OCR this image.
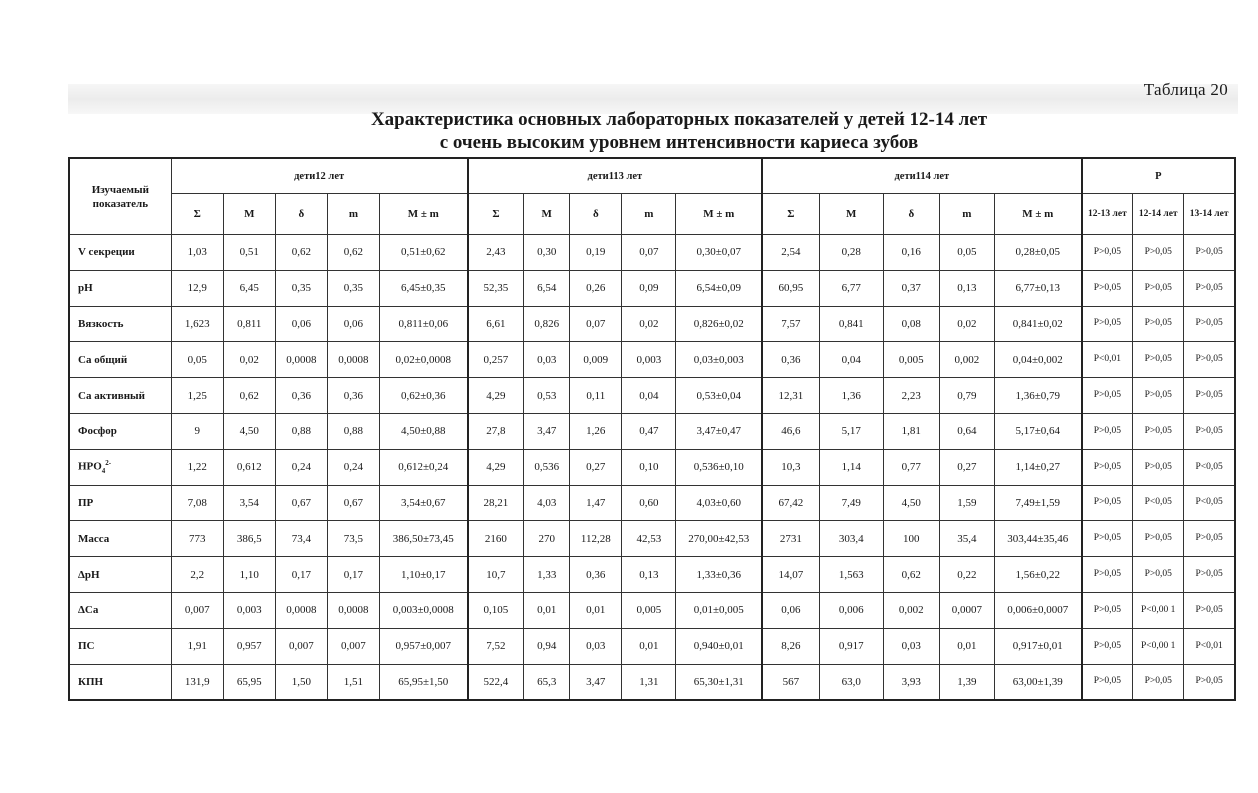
Таблица 20
Характеристика основных лабораторных показателей у детей 12-14 лет
с очень высоким уровнем интенсивности кариеса зубов
Изучаемый показатель	дети12 лет					дети113 лет					дети114 лет					Р		
	Σ	М	δ	m	М ± m	Σ	М	δ	m	М ± m	Σ	М	δ	m	М ± m	12-13 лет	12-14 лет	13-14 лет
V секреции	1,03	0,51	0,62	0,62	0,51±0,62	2,43	0,30	0,19	0,07	0,30±0,07	2,54	0,28	0,16	0,05	0,28±0,05	Р>0,05	Р>0,05	Р>0,05
pH	12,9	6,45	0,35	0,35	6,45±0,35	52,35	6,54	0,26	0,09	6,54±0,09	60,95	6,77	0,37	0,13	6,77±0,13	Р>0,05	Р>0,05	Р>0,05
Вязкость	1,623	0,811	0,06	0,06	0,811±0,06	6,61	0,826	0,07	0,02	0,826±0,02	7,57	0,841	0,08	0,02	0,841±0,02	Р>0,05	Р>0,05	Р>0,05
Са общий	0,05	0,02	0,0008	0,0008	0,02±0,0008	0,257	0,03	0,009	0,003	0,03±0,003	0,36	0,04	0,005	0,002	0,04±0,002	Р<0,01	Р>0,05	Р>0,05
Са активный	1,25	0,62	0,36	0,36	0,62±0,36	4,29	0,53	0,11	0,04	0,53±0,04	12,31	1,36	2,23	0,79	1,36±0,79	Р>0,05	Р>0,05	Р>0,05
Фосфор	9	4,50	0,88	0,88	4,50±0,88	27,8	3,47	1,26	0,47	3,47±0,47	46,6	5,17	1,81	0,64	5,17±0,64	Р>0,05	Р>0,05	Р>0,05
$НРО_4^{2-}$	1,22	0,612	0,24	0,24	0,612±0,24	4,29	0,536	0,27	0,10	0,536±0,10	10,3	1,14	0,77	0,27	1,14±0,27	Р>0,05	Р>0,05	Р<0,05
ПР	7,08	3,54	0,67	0,67	3,54±0,67	28,21	4,03	1,47	0,60	4,03±0,60	67,42	7,49	4,50	1,59	7,49±1,59	Р>0,05	Р<0,05	Р<0,05
Масса	773	386,5	73,4	73,5	386,50±73,45	2160	270	112,28	42,53	270,00±42,53	2731	303,4	100	35,4	303,44±35,46	Р>0,05	Р>0,05	Р>0,05
ΔрН	2,2	1,10	0,17	0,17	1,10±0,17	10,7	1,33	0,36	0,13	1,33±0,36	14,07	1,563	0,62	0,22	1,56±0,22	Р>0,05	Р>0,05	Р>0,05
ΔСа	0,007	0,003	0,0008	0,0008	0,003±0,0008	0,105	0,01	0,01	0,005	0,01±0,005	0,06	0,006	0,002	0,0007	0,006±0,0007	Р>0,05	Р<0,00 1	Р>0,05
ПС	1,91	0,957	0,007	0,007	0,957±0,007	7,52	0,94	0,03	0,01	0,940±0,01	8,26	0,917	0,03	0,01	0,917±0,01	Р>0,05	Р<0,00 1	Р<0,01
КПН	131,9	65,95	1,50	1,51	65,95±1,50	522,4	65,3	3,47	1,31	65,30±1,31	567	63,0	3,93	1,39	63,00±1,39	Р>0,05	Р>0,05	Р>0,05
